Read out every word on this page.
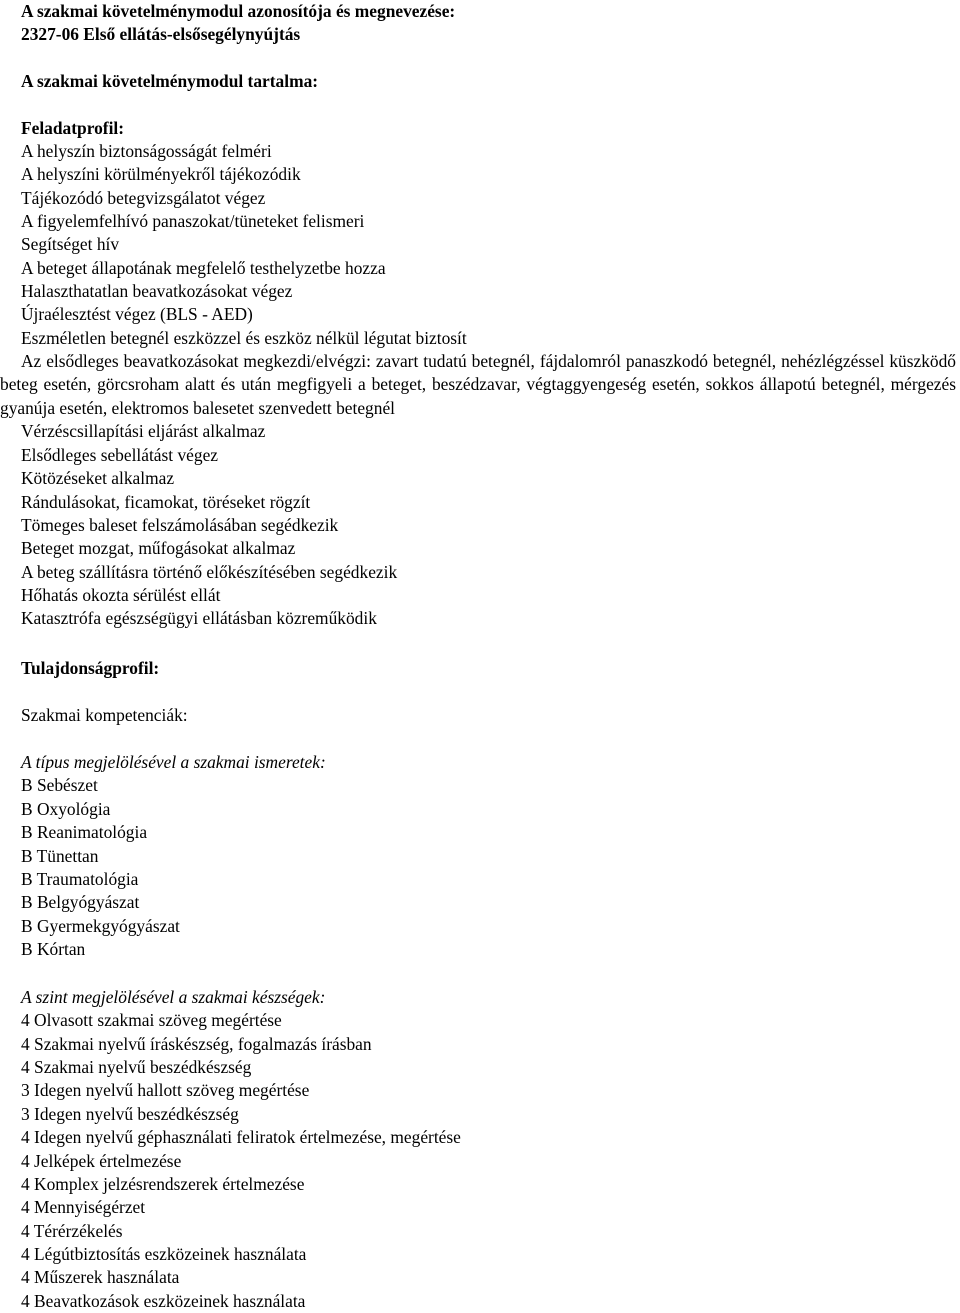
A szakmai követelménymodul azonosítója és megnevezése:
2327-06 Első ellátás-elsősegélynyújtás
A szakmai követelménymodul tartalma:
Feladatprofil:
A helyszín biztonságosságát felméri
A helyszíni körülményekről tájékozódik
Tájékozódó betegvizsgálatot végez
A figyelemfelhívó panaszokat/tüneteket felismeri
Segítséget hív
A beteget állapotának megfelelő testhelyzetbe hozza
Halaszthatatlan beavatkozásokat végez
Újraélesztést végez (BLS - AED)
Eszméletlen betegnél eszközzel és eszköz nélkül légutat biztosít
Az elsődleges beavatkozásokat megkezdi/elvégzi: zavart tudatú betegnél, fájdalomról panaszkodó betegnél, nehézlégzéssel küszködő beteg esetén, görcsroham alatt és után megfigyeli a beteget, beszédzavar, végtaggyengeség esetén, sokkos állapotú betegnél, mérgezés gyanúja esetén, elektromos balesetet szenvedett betegnél
Vérzéscsillapítási eljárást alkalmaz
Elsődleges sebellátást végez
Kötözéseket alkalmaz
Rándulásokat, ficamokat, töréseket rögzít
Tömeges baleset felszámolásában segédkezik
Beteget mozgat, műfogásokat alkalmaz
A beteg szállításra történő előkészítésében segédkezik
Hőhatás okozta sérülést ellát
Katasztrófa egészségügyi ellátásban közreműködik
Tulajdonságprofil:
Szakmai kompetenciák:
A típus megjelölésével a szakmai ismeretek:
B Sebészet
B Oxyológia
B Reanimatológia
B Tünettan
B Traumatológia
B Belgyógyászat
B Gyermekgyógyászat
B Kórtan
A szint megjelölésével a szakmai készségek:
4 Olvasott szakmai szöveg megértése
4 Szakmai nyelvű íráskészség, fogalmazás írásban
4 Szakmai nyelvű beszédkészség
3 Idegen nyelvű hallott szöveg megértése
3 Idegen nyelvű beszédkészség
4 Idegen nyelvű géphasználati feliratok értelmezése, megértése
4 Jelképek értelmezése
4 Komplex jelzésrendszerek értelmezése
4 Mennyiségérzet
4 Térérzékelés
4 Légútbiztosítás eszközeinek használata
4 Műszerek használata
4 Beavatkozások eszközeinek használata
